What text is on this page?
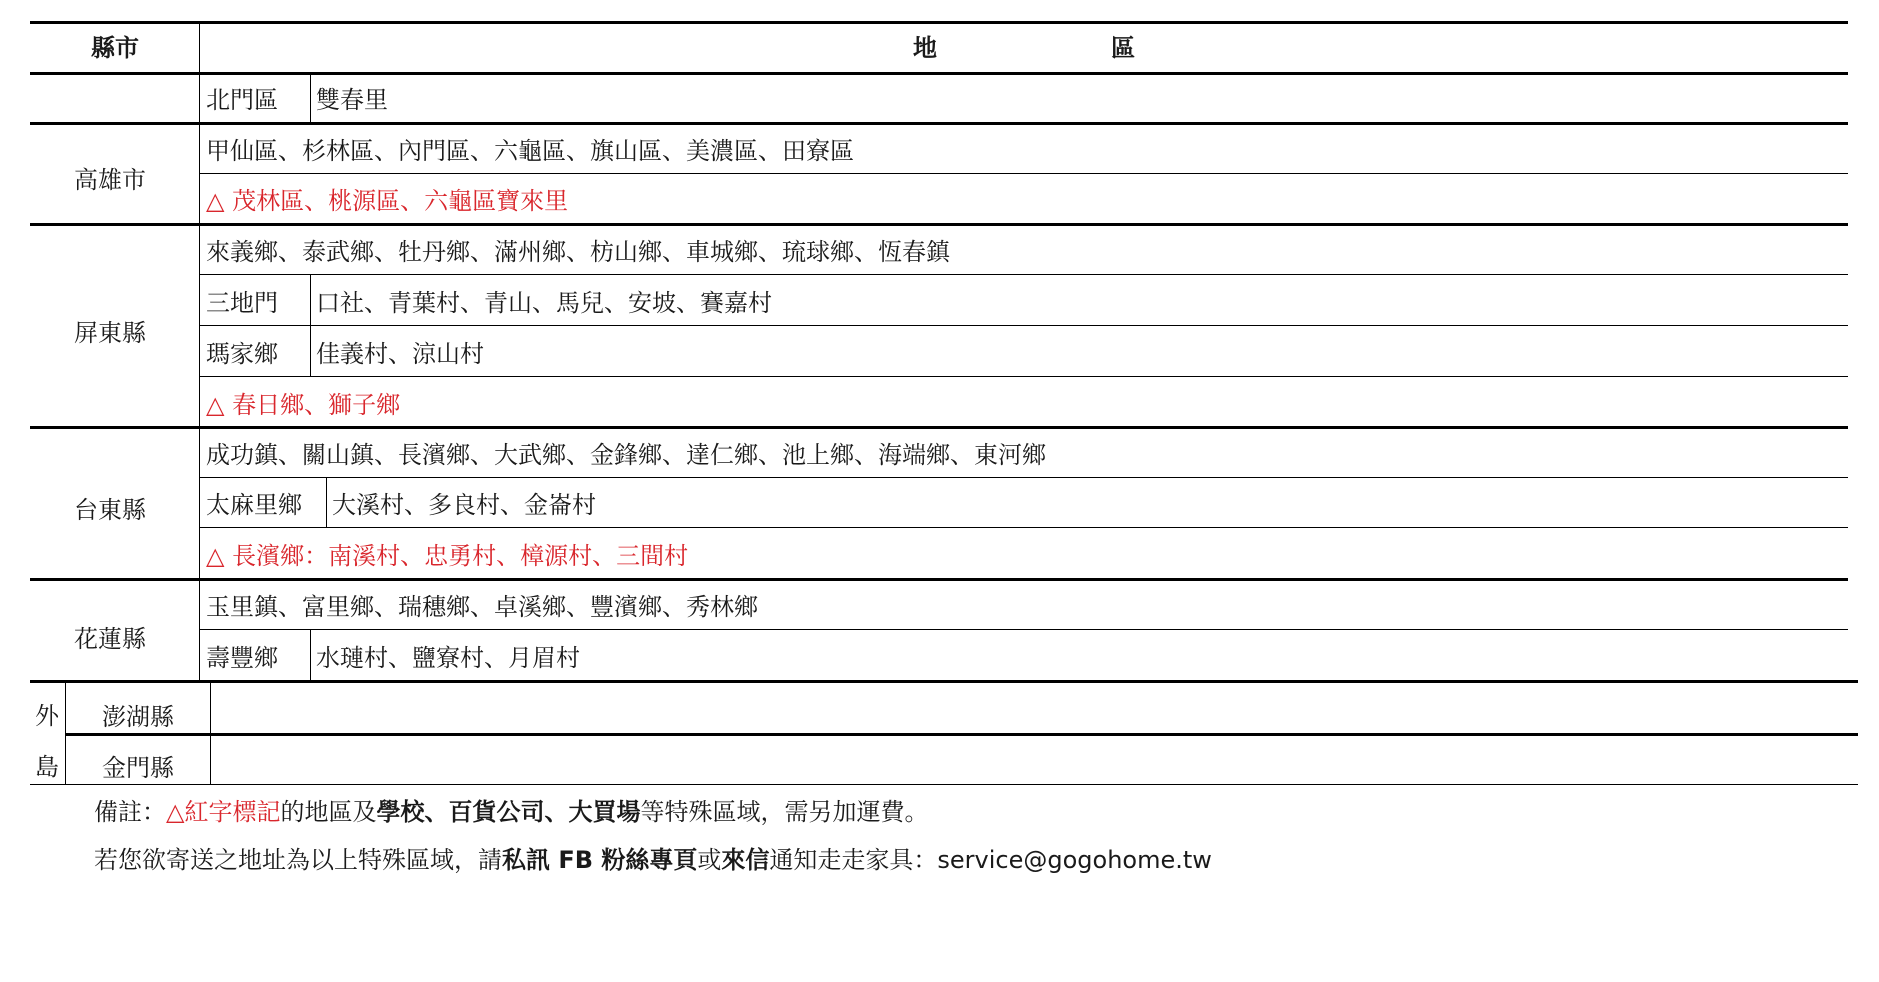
縣市	地	區
北門區 雙春里
高雄市
甲仙區、杉林區、內門區、六龜區、旗山區、美濃區、田寮區
△ 茂林區、桃源區、六龜區寶來里
屏東縣
來義鄉、泰武鄉、牡丹鄉、滿州鄉、枋山鄉、車城鄉、琉球鄉、恆春鎮
三地門 口社、青葉村、青山、馬兒、安坡、賽嘉村
瑪家鄉 佳義村、涼山村
△ 春日鄉、獅子鄉
台東縣
成功鎮、關山鎮、長濱鄉、大武鄉、金鋒鄉、達仁鄉、池上鄉、海端鄉、東河鄉
太麻里鄉 大溪村、多良村、金崙村
△ 長濱鄉：南溪村、忠勇村、樟源村、三間村
花蓮縣
玉里鎮、富里鄉、瑞穗鄉、卓溪鄉、豐濱鄉、秀林鄉
壽豐鄉 水璉村、鹽寮村、月眉村
外
島
澎湖縣
金門縣
備註：△紅字標記的地區及學校、百貨公司、大買場等特殊區域，需另加運費。
若您欲寄送之地址為以上特殊區域，請私訊 FB 粉絲專頁或來信通知走走家具：service@gogohome.tw
